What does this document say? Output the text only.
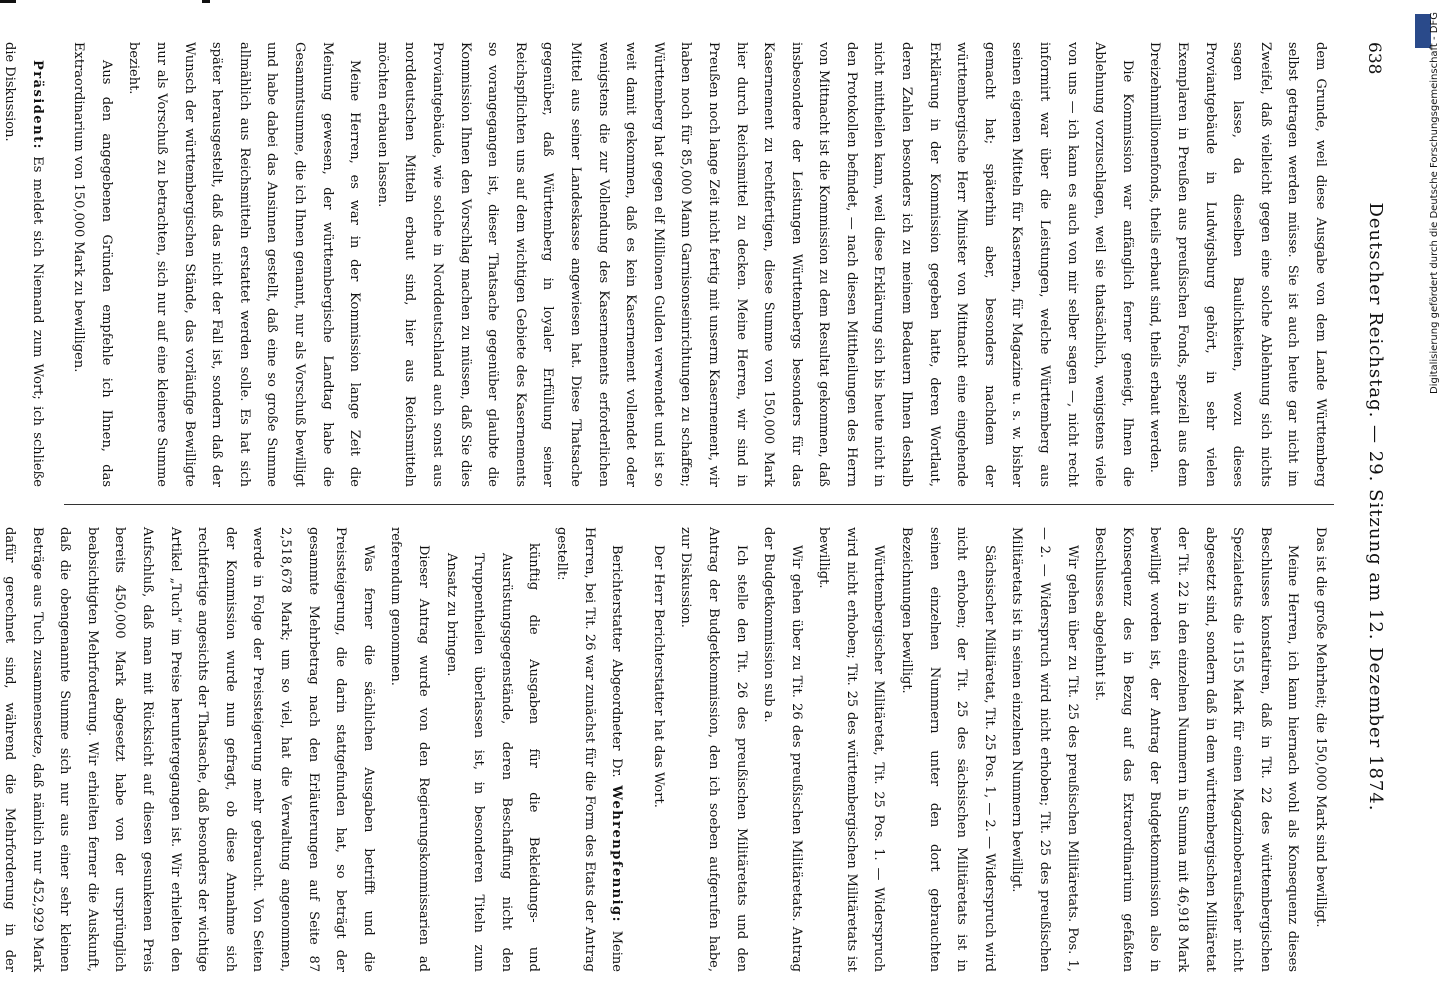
638
Deutscher Reichstag. — 29. Sitzung am 12. Dezember 1874.

dem Grunde, weil diese Ausgabe von dem Lande Württemberg selbst getragen werden müsse. Sie ist auch heute gar nicht im Zweifel, daß vielleicht gegen eine solche Ablehnung sich nichts sagen lasse, da dieselben Baulichkeiten, wozu dieses Proviantgebäude in Ludwigsburg gehört, in sehr vielen Exemplaren in Preußen aus preußischen Fonds, speziell aus dem Dreizehnmillionenfonds, theils erbaut sind, theils erbaut werden.

Die Kommission war anfänglich ferner geneigt, Ihnen die Ablehnung vorzuschlagen, weil sie thatsächlich, wenigstens viele von uns — ich kann es auch von mir selber sagen —, nicht recht informirt war über die Leistungen, welche Württemberg aus seinen eigenen Mitteln für Kasernen, für Magazine u. s. w. bisher gemacht hat; späterhin aber, besonders nachdem der württembergische Herr Minister von Mittnacht eine eingehende Erklärung in der Kommission gegeben hatte, deren Wortlaut, deren Zahlen besonders ich zu meinem Bedauern Ihnen deshalb nicht mittheilen kann, weil diese Erklärung sich bis heute nicht in den Protokollen befindet, — nach diesen Mittheilungen des Herrn von Mittnacht ist die Kommission zu dem Resultat gekommen, daß insbesondere der Leistungen Württembergs besonders für das Kasernement zu rechtfertigen, diese Summe von 150,000 Mark hier durch Reichsmittel zu decken. Meine Herren, wir sind in Preußen noch lange Zeit nicht fertig mit unserm Kasernement, wir haben noch für 85,000 Mann Garnisonseinrichtungen zu schaffen; Württemberg hat gegen elf Millionen Gulden verwendet und ist so weit damit gekommen, daß es kein Kasernement vollendet oder wenigstens die zur Vollendung des Kasernements erforderlichen Mittel aus seiner Landeskasse angewiesen hat. Diese Thatsache gegenüber, daß Württemberg in loyaler Erfüllung seiner Reichspflichten uns auf dem wichtigen Gebiete des Kasernements so vorangegangen ist, dieser Thatsache gegenüber glaubte die Kommission Ihnen den Vorschlag machen zu müssen, daß Sie dies Proviantgebäude, wie solche in Norddeutschland auch sonst aus norddeutschen Mitteln erbaut sind, hier aus Reichsmitteln möchten erbauen lassen.

Meine Herren, es war in der Kommission lange Zeit die Meinung gewesen, der württembergische Landtag habe die Gesammtsumme, die ich Ihnen genannt, nur als Vorschuß bewilligt und habe dabei das Ansinnen gestellt, daß eine so große Summe allmählich aus Reichsmitteln erstattet werden solle. Es hat sich später herausgestellt, daß das nicht der Fall ist, sondern daß der Wunsch der württembergischen Stände, das vorläufige Bewilligte nur als Vorschuß zu betrachten, sich nur auf eine kleinere Summe bezieht.

Aus den angegebenen Gründen empfehle ich Ihnen, das Extraordinarium von 150,000 Mark zu bewilligen.

Präsident: Es meldet sich Niemand zum Wort; ich schließe die Diskussion.

Das ist die große Mehrheit; die 150,000 Mark sind bewilligt.

Meine Herren, ich kann hiernach wohl als Konsequenz dieses Beschlusses konstatiren, daß in Tit. 22 des württembergischen Spezialetats die 1155 Mark für einen Magazinoberaufseher nicht abgesetzt sind, sondern daß in dem württembergischen Militäretat der Tit. 22 in den einzelnen Nummern in Summa mit 46,918 Mark bewilligt worden ist, der Antrag der Budgetkommission also in Konsequenz des in Bezug auf das Extraordinarium gefaßten Beschlusses abgelehnt ist.

Wir gehen über zu Tit. 25 des preußischen Militäretats. Pos. 1, — 2. — Widerspruch wird nicht erhoben; Tit. 25 des preußischen Militäretats ist in seinen einzelnen Nummern bewilligt.

Sächsischer Militäretat, Tit. 25 Pos. 1, — 2. — Widerspruch wird nicht erhoben; der Tit. 25 des sächsischen Militäretats ist in seinen einzelnen Nummern unter den dort gebrauchten Bezeichnungen bewilligt.

Württembergischer Militäretat, Tit. 25 Pos. 1. — Widerspruch wird nicht erhoben; Tit. 25 des württembergischen Militäretats ist bewilligt.

Wir gehen über zu Tit. 26 des preußischen Militäretats. Antrag der Budgetkommission sub a.

Ich stelle den Tit. 26 des preußischen Militäretats und den Antrag der Budgetkommission, den ich soeben aufgerufen habe, zur Diskussion.

Der Herr Berichterstatter hat das Wort.

Berichterstatter Abgeordneter Dr. Wehrenpfennig: Meine Herren, bei Tit. 26 war zunächst für die Form des Etats der Antrag gestellt:

künftig die Ausgaben für die Bekleidungs- und Ausrüstungsgegenstände, deren Beschaffung nicht den Truppentheilen überlassen ist, in besonderen Titeln zum Ansatz zu bringen.

Dieser Antrag wurde von den Regierungskommissarien ad referendum genommen.

Was ferner die sächlichen Ausgaben betrifft und die Preissteigerung, die darin stattgefunden hat, so beträgt der gesammte Mehrbetrag nach den Erläuterungen auf Seite 87 2,518,678 Mark; um so viel, hat die Verwaltung angenommen, werde in Folge der Preissteigerung mehr gebraucht. Von Seiten der Kommission wurde nun gefragt, ob diese Annahme sich rechtfertige angesichts der Thatsache, daß besonders der wichtige Artikel „Tuch“ im Preise heruntergegangen ist. Wir erhielten den Aufschluß, daß man mit Rücksicht auf diesen gesunkenen Preis bereits 450,000 Mark abgesetzt habe von der ursprünglich beabsichtigten Mehrforderung. Wir erhielten ferner die Auskunft, daß die obengenannte Summe sich nur aus einer sehr kleinen Beträge aus Tuch zusammensetze, daß nämlich nur 452,929 Mark dafür gerechnet sind, während die Mehrforderung in der

Digitalisierung gefördert durch die Deutsche Forschungsgemeinschaft - DFG
